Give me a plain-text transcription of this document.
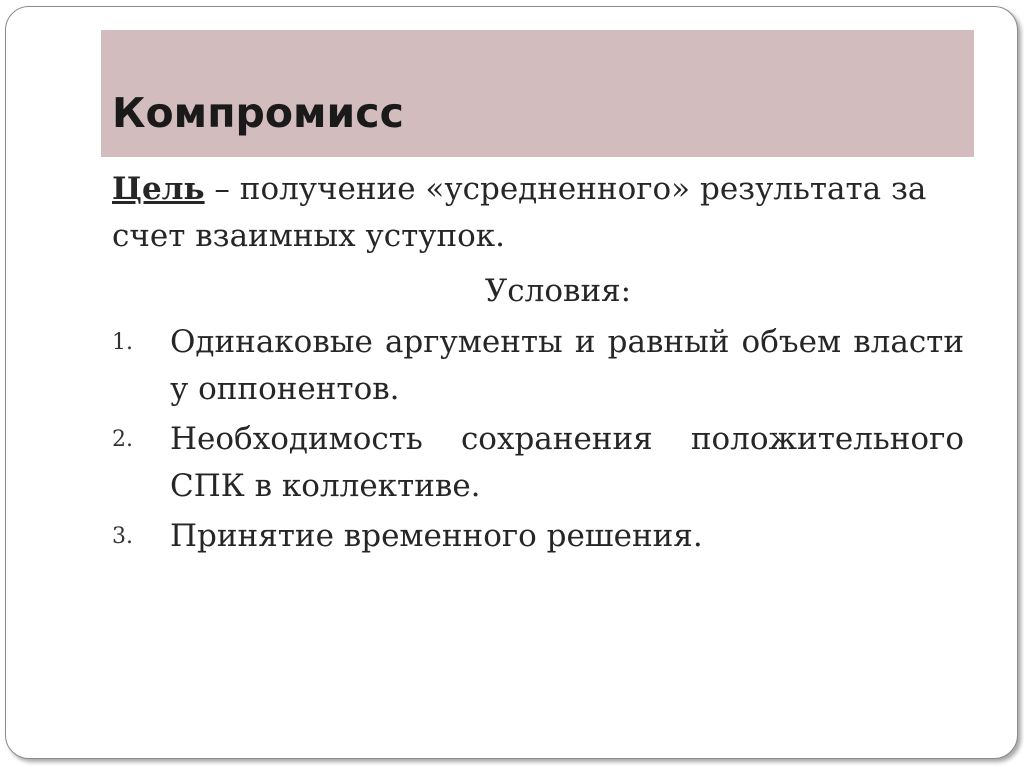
Компромисс

Цель – получение «усредненного» результата за счет взаимных уступок.

Условия:

1. Одинаковые аргументы и равный объем власти у оппонентов.
2. Необходимость сохранения положительного СПК в коллективе.
3. Принятие временного решения.
